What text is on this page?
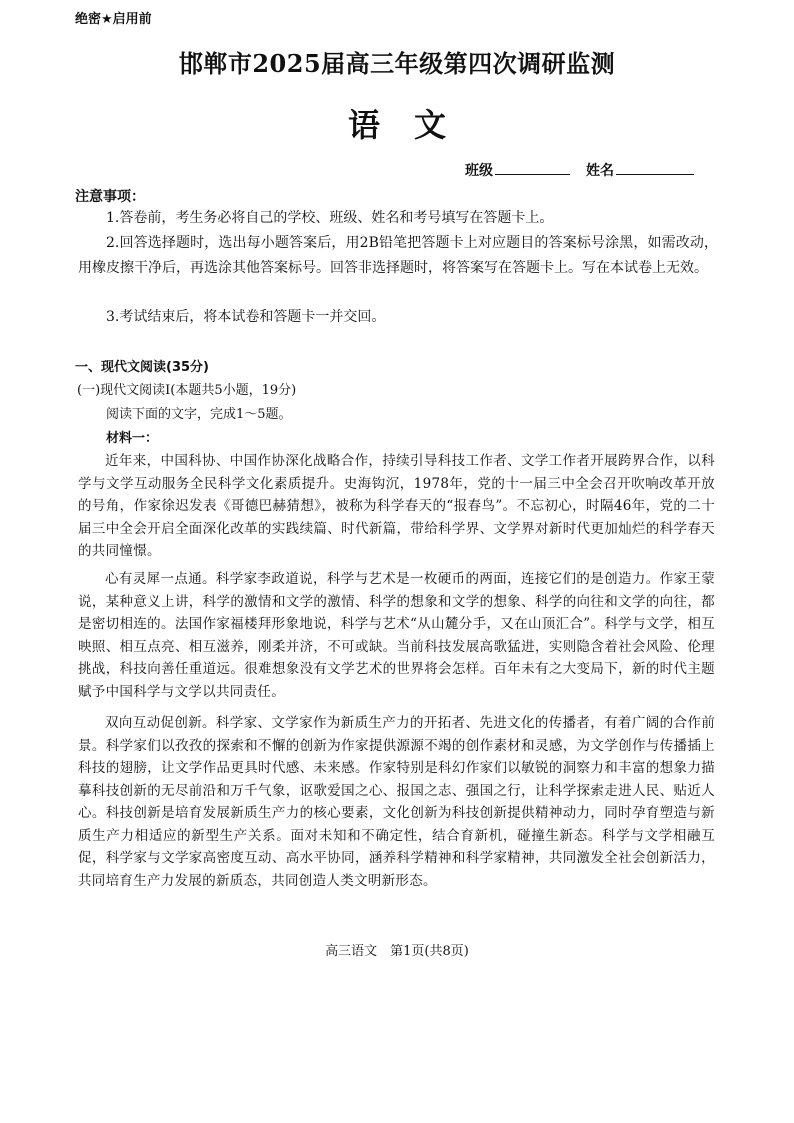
绝密★启用前
邯郸市2025届高三年级第四次调研监测
语文
班级	姓名
注意事项：
1.答卷前，考生务必将自己的学校、班级、姓名和考号填写在答题卡上。
2.回答选择题时，选出每小题答案后，用2B铅笔把答题卡上对应题目的答案标号涂黑，如需改动，用橡皮擦干净后，再选涂其他答案标号。回答非选择题时，将答案写在答题卡上。写在本试卷上无效。
3.考试结束后，将本试卷和答题卡一并交回。
一、现代文阅读(35分)
(一)现代文阅读Ⅰ(本题共5小题，19分)
阅读下面的文字，完成1～5题。
材料一：
近年来，中国科协、中国作协深化战略合作，持续引导科技工作者、文学工作者开展跨界合作，以科学与文学互动服务全民科学文化素质提升。史海钩沉，1978年，党的十一届三中全会召开吹响改革开放的号角，作家徐迟发表《哥德巴赫猜想》，被称为科学春天的“报春鸟”。不忘初心，时隔46年，党的二十届三中全会开启全面深化改革的实践续篇、时代新篇，带给科学界、文学界对新时代更加灿烂的科学春天的共同憧憬。
心有灵犀一点通。科学家李政道说，科学与艺术是一枚硬币的两面，连接它们的是创造力。作家王蒙说，某种意义上讲，科学的激情和文学的激情、科学的想象和文学的想象、科学的向往和文学的向往，都是密切相连的。法国作家福楼拜形象地说，科学与艺术“从山麓分手，又在山顶汇合”。科学与文学，相互映照、相互点亮、相互滋养，刚柔并济，不可或缺。当前科技发展高歌猛进，实则隐含着社会风险、伦理挑战，科技向善任重道远。很难想象没有文学艺术的世界将会怎样。百年未有之大变局下，新的时代主题赋予中国科学与文学以共同责任。
双向互动促创新。科学家、文学家作为新质生产力的开拓者、先进文化的传播者，有着广阔的合作前景。科学家们以孜孜的探索和不懈的创新为作家提供源源不竭的创作素材和灵感，为文学创作与传播插上科技的翅膀，让文学作品更具时代感、未来感。作家特别是科幻作家们以敏锐的洞察力和丰富的想象力描摹科技创新的无尽前沿和万千气象，讴歌爱国之心、报国之志、强国之行，让科学探索走进人民、贴近人心。科技创新是培育发展新质生产力的核心要素，文化创新为科技创新提供精神动力，同时孕育塑造与新质生产力相适应的新型生产关系。面对未知和不确定性，结合育新机，碰撞生新态。科学与文学相融互促，科学家与文学家高密度互动、高水平协同，涵养科学精神和科学家精神，共同激发全社会创新活力，共同培育生产力发展的新质态，共同创造人类文明新形态。
高三语文　第1页(共8页)
